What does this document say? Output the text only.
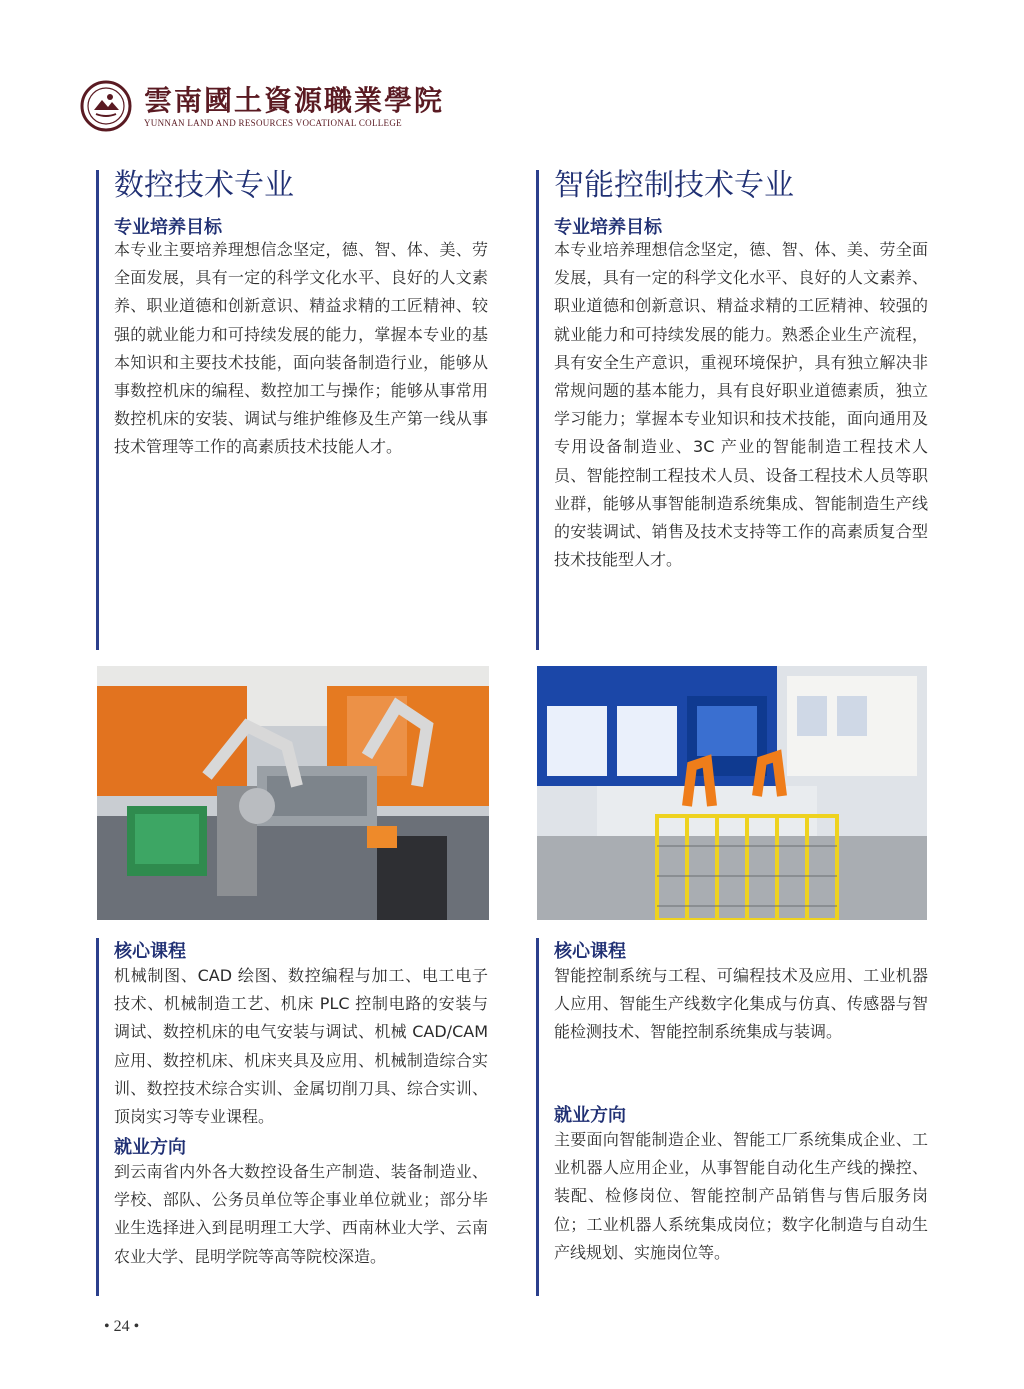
雲南國土資源職業學院
YUNNAN LAND AND RESOURCES VOCATIONAL COLLEGE
数控技术专业
专业培养目标
本专业主要培养理想信念坚定，德、智、体、美、劳全面发展，具有一定的科学文化水平、良好的人文素养、职业道德和创新意识、精益求精的工匠精神、较强的就业能力和可持续发展的能力，掌握本专业的基本知识和主要技术技能，面向装备制造行业，能够从事数控机床的编程、数控加工与操作；能够从事常用数控机床的安装、调试与维护维修及生产第一线从事技术管理等工作的高素质技术技能人才。
智能控制技术专业
专业培养目标
本专业培养理想信念坚定，德、智、体、美、劳全面发展，具有一定的科学文化水平、良好的人文素养、职业道德和创新意识、精益求精的工匠精神、较强的就业能力和可持续发展的能力。熟悉企业生产流程，具有安全生产意识，重视环境保护，具有独立解决非常规问题的基本能力，具有良好职业道德素质，独立学习能力；掌握本专业知识和技术技能，面向通用及专用设备制造业、3C 产业的智能制造工程技术人员、智能控制工程技术人员、设备工程技术人员等职业群，能够从事智能制造系统集成、智能制造生产线的安装调试、销售及技术支持等工作的高素质复合型技术技能型人才。
核心课程
机械制图、CAD 绘图、数控编程与加工、电工电子技术、机械制造工艺、机床 PLC 控制电路的安装与调试、数控机床的电气安装与调试、机械 CAD/CAM 应用、数控机床、机床夹具及应用、机械制造综合实训、数控技术综合实训、金属切削刀具、综合实训、顶岗实习等专业课程。
就业方向
到云南省内外各大数控设备生产制造、装备制造业、学校、部队、公务员单位等企事业单位就业；部分毕业生选择进入到昆明理工大学、西南林业大学、云南农业大学、昆明学院等高等院校深造。
核心课程
智能控制系统与工程、可编程技术及应用、工业机器人应用、智能生产线数字化集成与仿真、传感器与智能检测技术、智能控制系统集成与装调。
就业方向
主要面向智能制造企业、智能工厂系统集成企业、工业机器人应用企业，从事智能自动化生产线的操控、装配、检修岗位、智能控制产品销售与售后服务岗位；工业机器人系统集成岗位；数字化制造与自动生产线规划、实施岗位等。
• 24 •
